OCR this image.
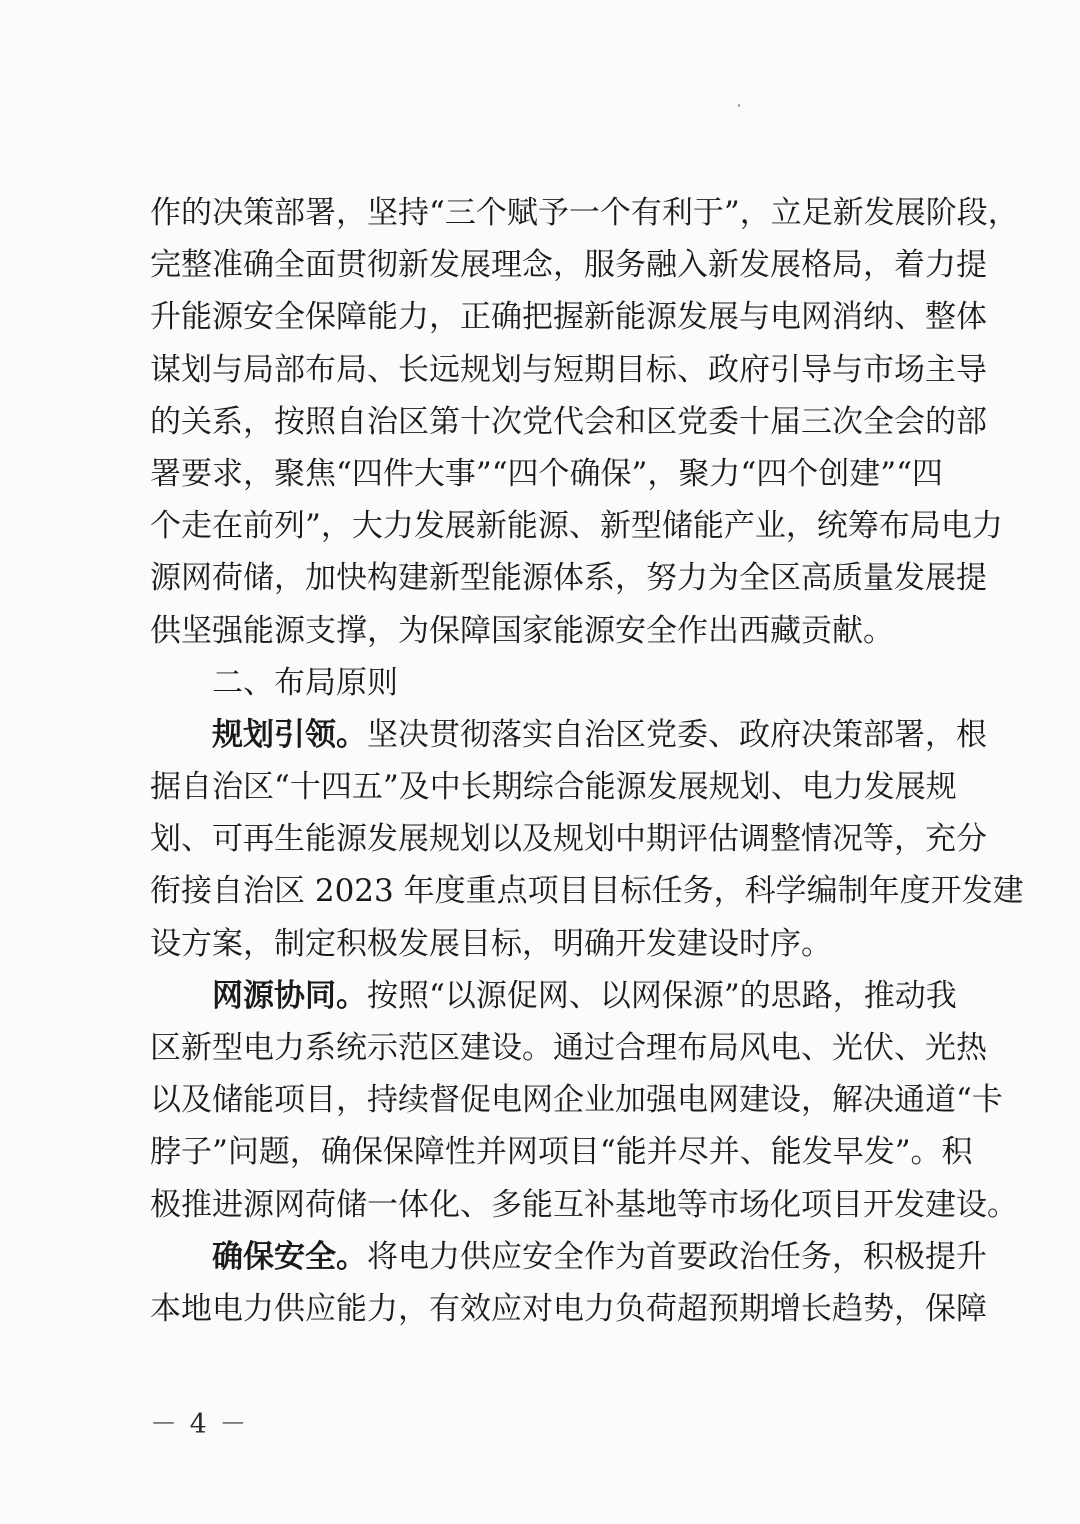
作的决策部署，坚持“三个赋予一个有利于”，立足新发展阶段，
完整准确全面贯彻新发展理念，服务融入新发展格局，着力提
升能源安全保障能力，正确把握新能源发展与电网消纳、整体
谋划与局部布局、长远规划与短期目标、政府引导与市场主导
的关系，按照自治区第十次党代会和区党委十届三次全会的部
署要求，聚焦“四件大事”“四个确保”，聚力“四个创建”“四
个走在前列”，大力发展新能源、新型储能产业，统筹布局电力
源网荷储，加快构建新型能源体系，努力为全区高质量发展提
供坚强能源支撑，为保障国家能源安全作出西藏贡献。
二、布局原则
规划引领。坚决贯彻落实自治区党委、政府决策部署，根
据自治区“十四五”及中长期综合能源发展规划、电力发展规
划、可再生能源发展规划以及规划中期评估调整情况等，充分
衔接自治区 2023 年度重点项目目标任务，科学编制年度开发建
设方案，制定积极发展目标，明确开发建设时序。
网源协同。按照“以源促网、以网保源”的思路，推动我
区新型电力系统示范区建设。通过合理布局风电、光伏、光热
以及储能项目，持续督促电网企业加强电网建设，解决通道“卡
脖子”问题，确保保障性并网项目“能并尽并、能发早发”。积
极推进源网荷储一体化、多能互补基地等市场化项目开发建设。
确保安全。将电力供应安全作为首要政治任务，积极提升
本地电力供应能力，有效应对电力负荷超预期增长趋势，保障
－ 4 －
